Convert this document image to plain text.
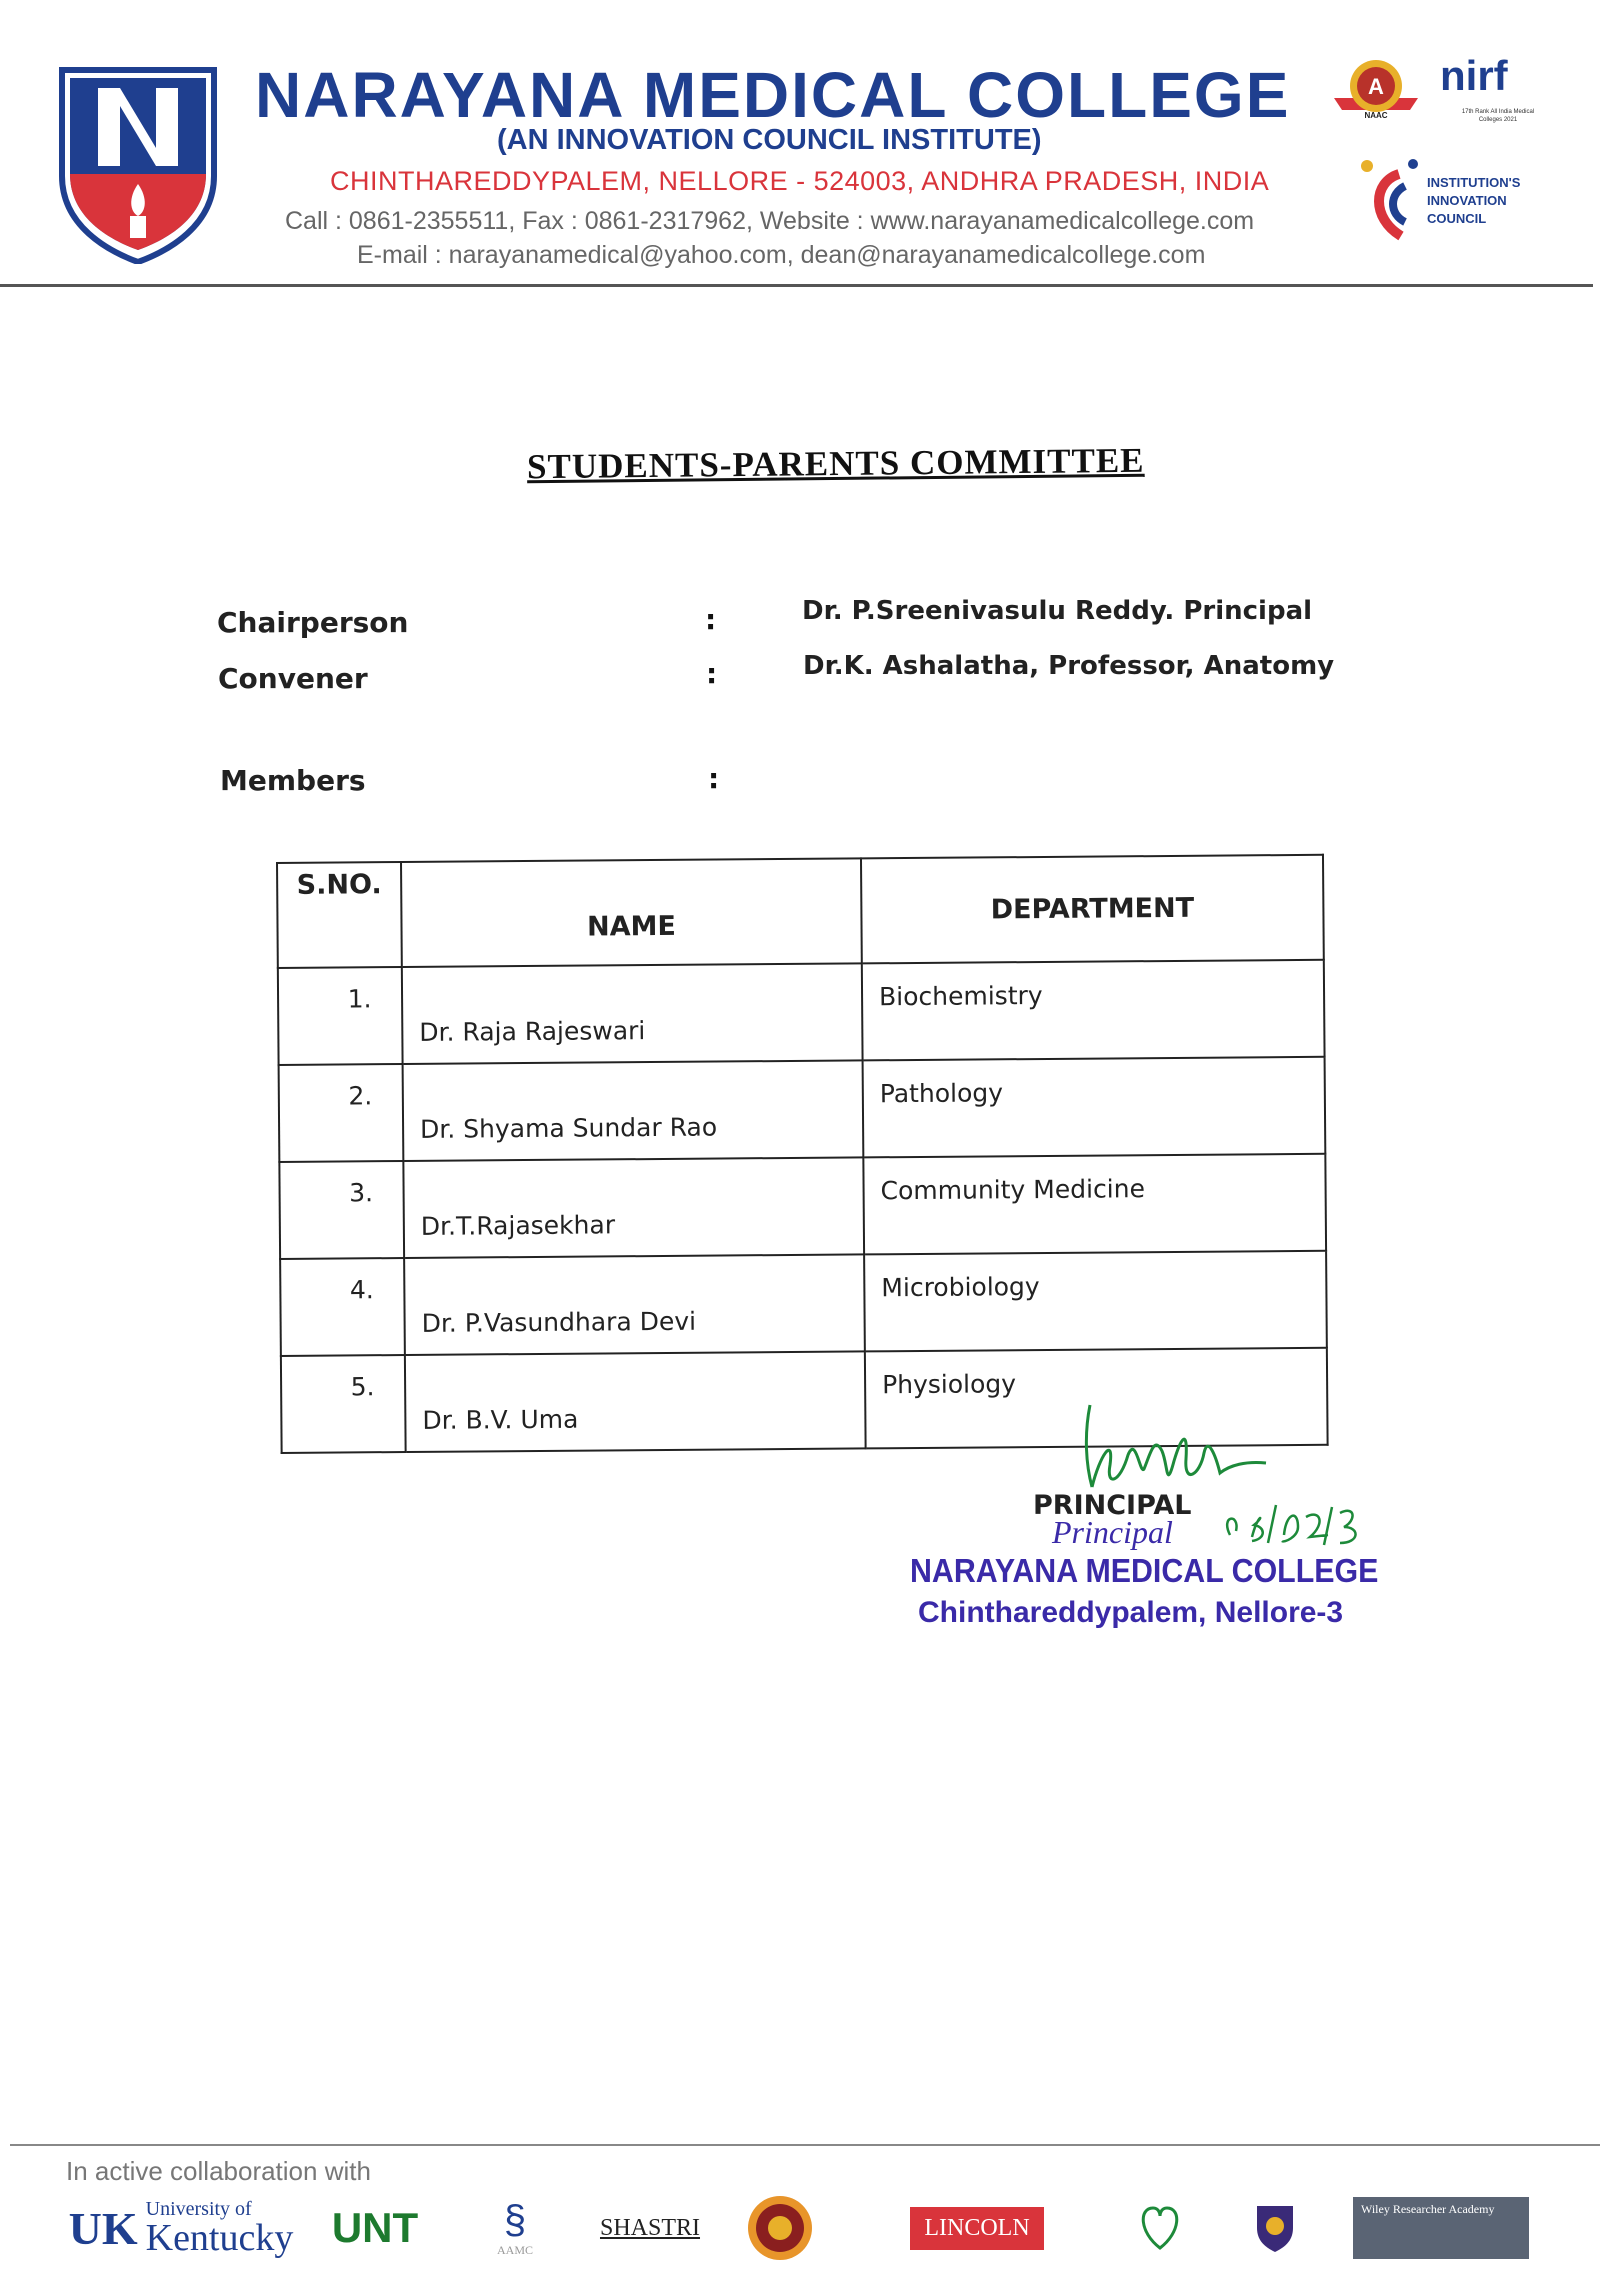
NARAYANA MEDICAL COLLEGE
(AN INNOVATION COUNCIL INSTITUTE)
CHINTHAREDDYPALEM, NELLORE - 524003, ANDHRA PRADESH, INDIA
Call : 0861-2355511, Fax : 0861-2317962, Website : www.narayanamedicalcollege.com
E-mail : narayanamedical@yahoo.com, dean@narayanamedicalcollege.com
A
NAAC
nirf
17th Rank All India Medical Colleges 2021
INSTITUTION'S INNOVATION COUNCIL
STUDENTS-PARENTS COMMITTEE
Chairperson	:	Dr. P.Sreenivasulu Reddy. Principal
Convener	:	Dr.K. Ashalatha, Professor, Anatomy
Members	:
S.NO.	NAME	DEPARTMENT
1.	Dr. Raja Rajeswari	Biochemistry
2.	Dr. Shyama Sundar Rao	Pathology
3.	Dr.T.Rajasekhar	Community Medicine
4.	Dr. P.Vasundhara Devi	Microbiology
5.	Dr. B.V. Uma	Physiology
PRINCIPAL
Principal
NARAYANA MEDICAL COLLEGE
Chinthareddypalem, Nellore-3
In active collaboration with
UK University of
Kentucky UNT §
AAMC
SHASTRI	LINCOLN
Wiley Researcher Academy
